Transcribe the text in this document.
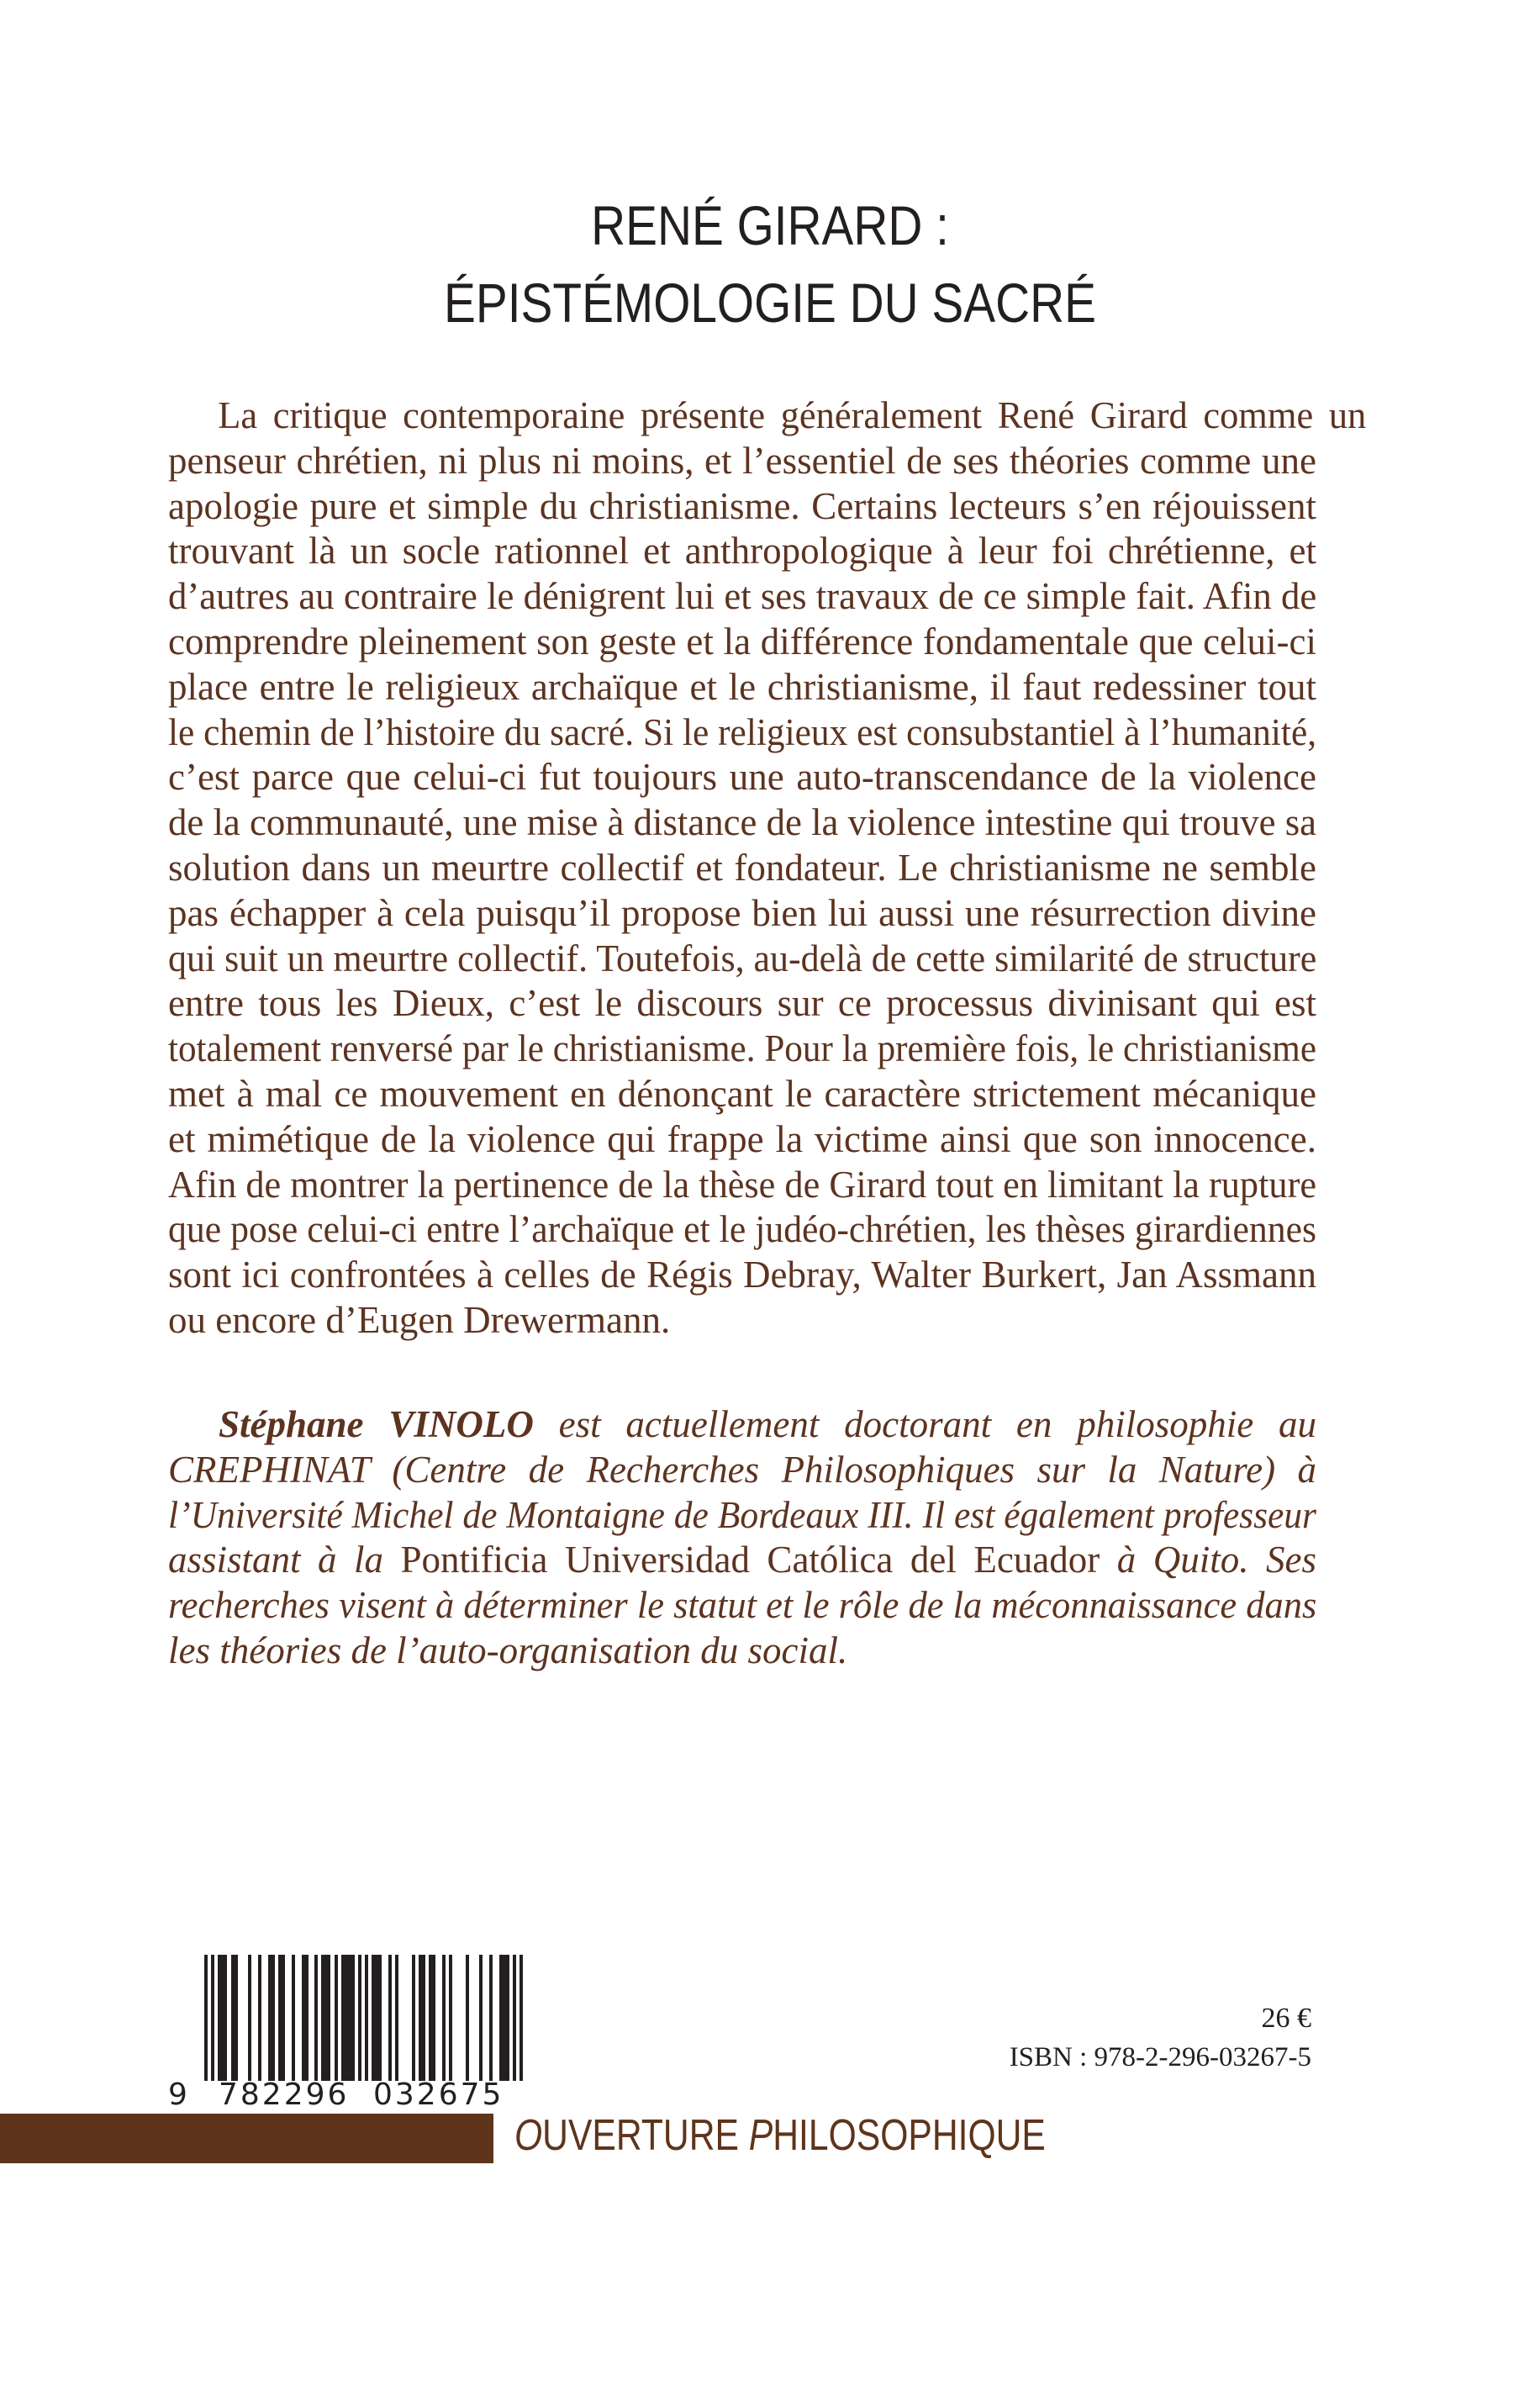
RENÉ GIRARD :
ÉPISTÉMOLOGIE DU SACRÉ
La critique contemporaine présente généralement René Girard comme un
penseur chrétien, ni plus ni moins, et l’essentiel de ses théories comme une
apologie pure et simple du christianisme. Certains lecteurs s’en réjouissent
trouvant là un socle rationnel et anthropologique à leur foi chrétienne, et
d’autres au contraire le dénigrent lui et ses travaux de ce simple fait. Afin de
comprendre pleinement son geste et la différence fondamentale que celui-ci
place entre le religieux archaïque et le christianisme, il faut redessiner tout
le chemin de l’histoire du sacré. Si le religieux est consubstantiel à l’humanité,
c’est parce que celui-ci fut toujours une auto-transcendance de la violence
de la communauté, une mise à distance de la violence intestine qui trouve sa
solution dans un meurtre collectif et fondateur. Le christianisme ne semble
pas échapper à cela puisqu’il propose bien lui aussi une résurrection divine
qui suit un meurtre collectif. Toutefois, au-delà de cette similarité de structure
entre tous les Dieux, c’est le discours sur ce processus divinisant qui est
totalement renversé par le christianisme. Pour la première fois, le christianisme
met à mal ce mouvement en dénonçant le caractère strictement mécanique
et mimétique de la violence qui frappe la victime ainsi que son innocence.
Afin de montrer la pertinence de la thèse de Girard tout en limitant la rupture
que pose celui-ci entre l’archaïque et le judéo-chrétien, les thèses girardiennes
sont ici confrontées à celles de Régis Debray, Walter Burkert, Jan Assmann
ou encore d’Eugen Drewermann.
Stéphane VINOLO est actuellement doctorant en philosophie au
CREPHINAT (Centre de Recherches Philosophiques sur la Nature) à
l’Université Michel de Montaigne de Bordeaux III. Il est également professeur
assistant à la Pontificia Universidad Católica del Ecuador à Quito. Ses
recherches visent à déterminer le statut et le rôle de la méconnaissance dans
les théories de l’auto-organisation du social.
9 782296 032675
26 €
ISBN : 978-2-296-03267-5
OUVERTURE PHILOSOPHIQUE
